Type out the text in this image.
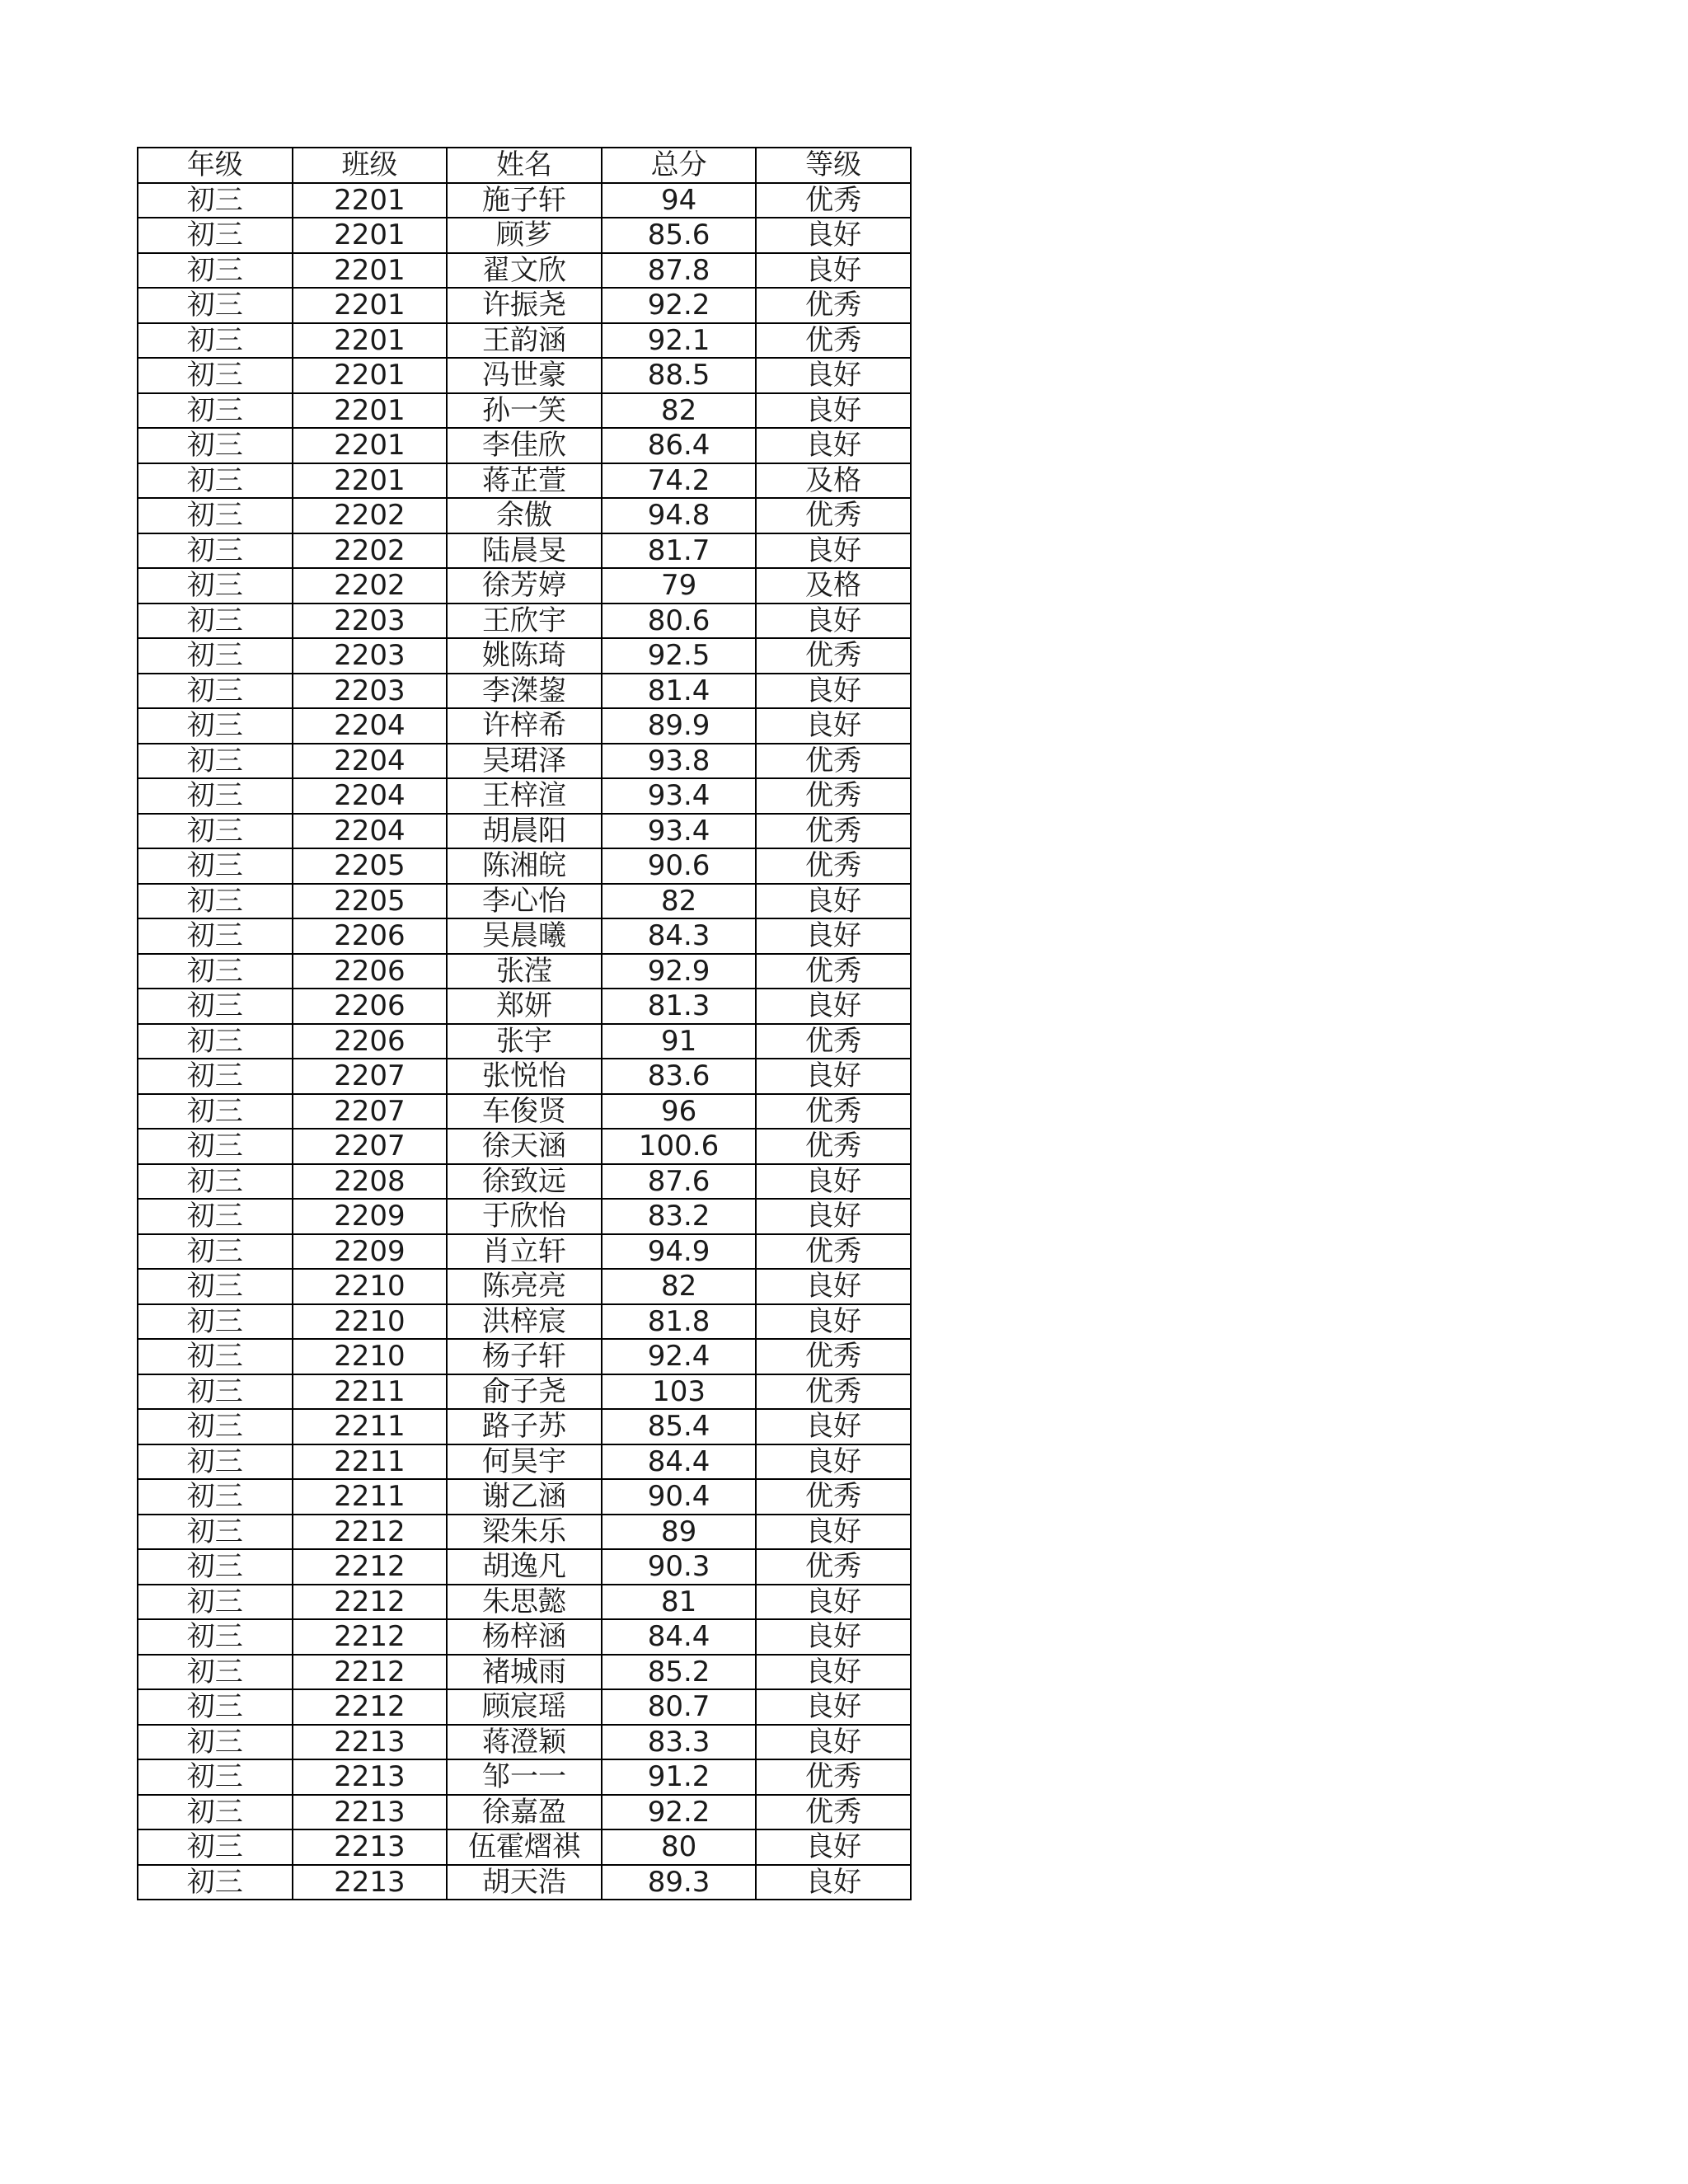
年级	班级	姓名	总分	等级
初三	2201	施子轩	94	优秀
初三	2201	顾芗	85.6	良好
初三	2201	翟文欣	87.8	良好
初三	2201	许振尧	92.2	优秀
初三	2201	王韵涵	92.1	优秀
初三	2201	冯世豪	88.5	良好
初三	2201	孙一笑	82	良好
初三	2201	李佳欣	86.4	良好
初三	2201	蒋芷萱	74.2	及格
初三	2202	余傲	94.8	优秀
初三	2202	陆晨旻	81.7	良好
初三	2202	徐芳婷	79	及格
初三	2203	王欣宇	80.6	良好
初三	2203	姚陈琦	92.5	优秀
初三	2203	李滐鋆	81.4	良好
初三	2204	许梓希	89.9	良好
初三	2204	吴珺泽	93.8	优秀
初三	2204	王梓渲	93.4	优秀
初三	2204	胡晨阳	93.4	优秀
初三	2205	陈湘皖	90.6	优秀
初三	2205	李心怡	82	良好
初三	2206	吴晨曦	84.3	良好
初三	2206	张滢	92.9	优秀
初三	2206	郑妍	81.3	良好
初三	2206	张宇	91	优秀
初三	2207	张悦怡	83.6	良好
初三	2207	车俊贤	96	优秀
初三	2207	徐天涵	100.6	优秀
初三	2208	徐致远	87.6	良好
初三	2209	于欣怡	83.2	良好
初三	2209	肖立轩	94.9	优秀
初三	2210	陈亮亮	82	良好
初三	2210	洪梓宸	81.8	良好
初三	2210	杨子轩	92.4	优秀
初三	2211	俞子尧	103	优秀
初三	2211	路子苏	85.4	良好
初三	2211	何昊宇	84.4	良好
初三	2211	谢乙涵	90.4	优秀
初三	2212	梁朱乐	89	良好
初三	2212	胡逸凡	90.3	优秀
初三	2212	朱思懿	81	良好
初三	2212	杨梓涵	84.4	良好
初三	2212	褚城雨	85.2	良好
初三	2212	顾宸瑶	80.7	良好
初三	2213	蒋澄颖	83.3	良好
初三	2213	邹一一	91.2	优秀
初三	2213	徐嘉盈	92.2	优秀
初三	2213	伍霍熠祺	80	良好
初三	2213	胡天浩	89.3	良好
